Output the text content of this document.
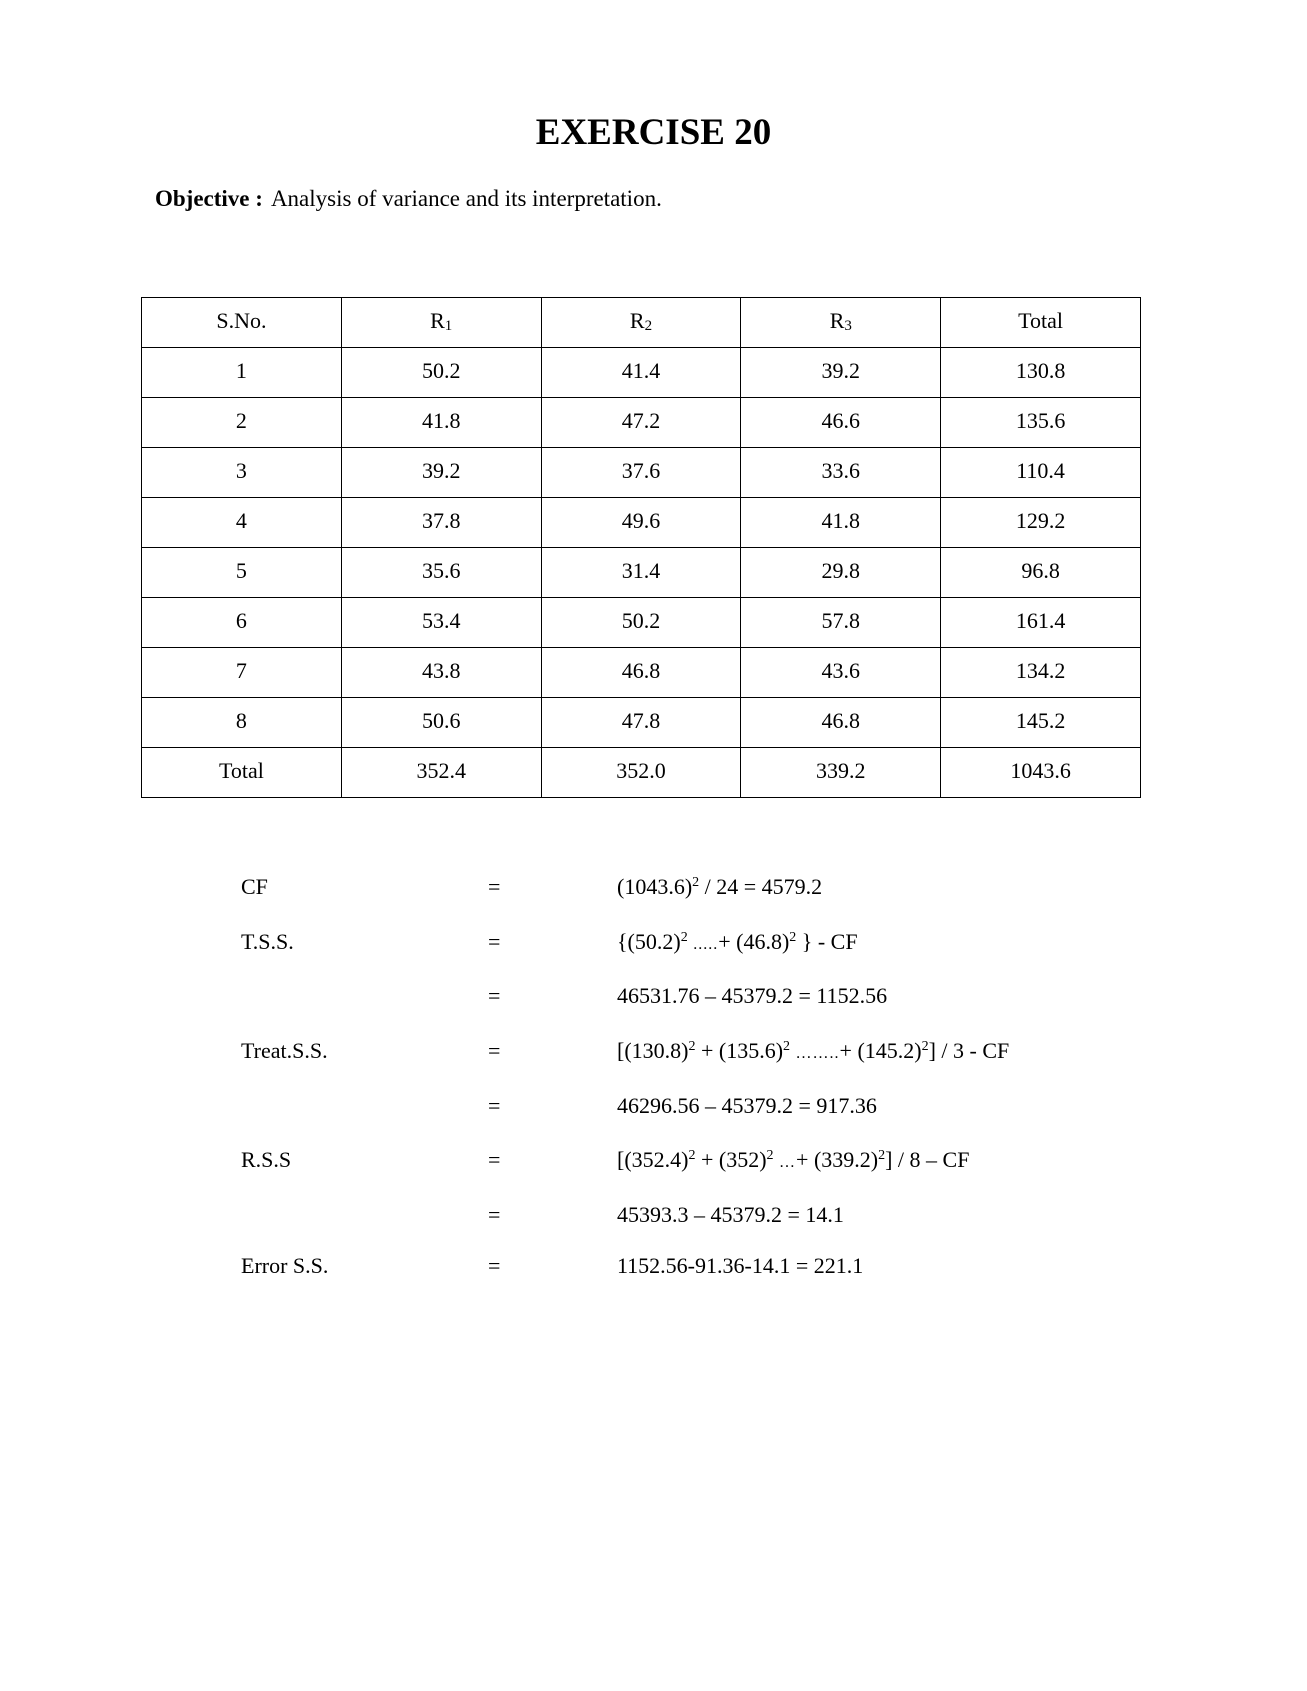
EXERCISE 20
Objective : Analysis of variance and its interpretation.
S.No.	$R_1$	$R_2$	$R_3$	Total
1	50.2	41.4	39.2	130.8
2	41.8	47.2	46.6	135.6
3	39.2	37.6	33.6	110.4
4	37.8	49.6	41.8	129.2
5	35.6	31.4	29.8	96.8
6	53.4	50.2	57.8	161.4
7	43.8	46.8	43.6	134.2
8	50.6	47.8	46.8	145.2
Total	352.4	352.0	339.2	1043.6
CF	=	$(1043.6)^2 / 24 = 4579.2$
T.S.S.	=	{$(50.2)^2$ .....+ $(46.8)^2$ } - CF
=	46531.76 – 45379.2 = 1152.56
Treat.S.S.	=	[$(130.8)^2 + (135.6)^2$ ……..+ $(145.2)^2] / 3$ - CF
=	46296.56 – 45379.2 = 917.36
R.S.S	=	[$(352.4)^2 + (352)^2$ …+ $(339.2)^2] / 8$ – CF
=	45393.3 – 45379.2 = 14.1
Error S.S.	=	1152.56-91.36-14.1 = 221.1
